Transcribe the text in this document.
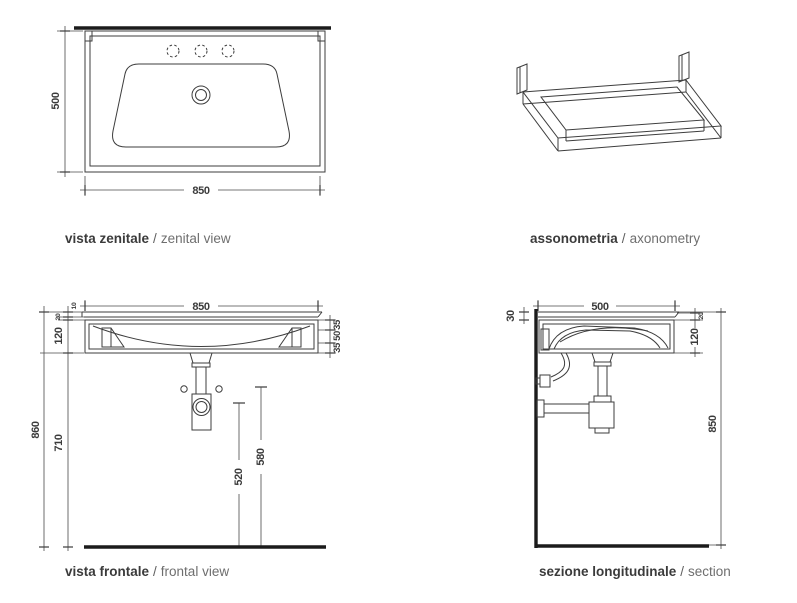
500
850
850
10
20
120
860
710
35
50
35
520
580
500
30	20
120
850
vista zenitale / zenital view	assonometria / axonometry
vista frontale / frontal view	sezione longitudinale / section
